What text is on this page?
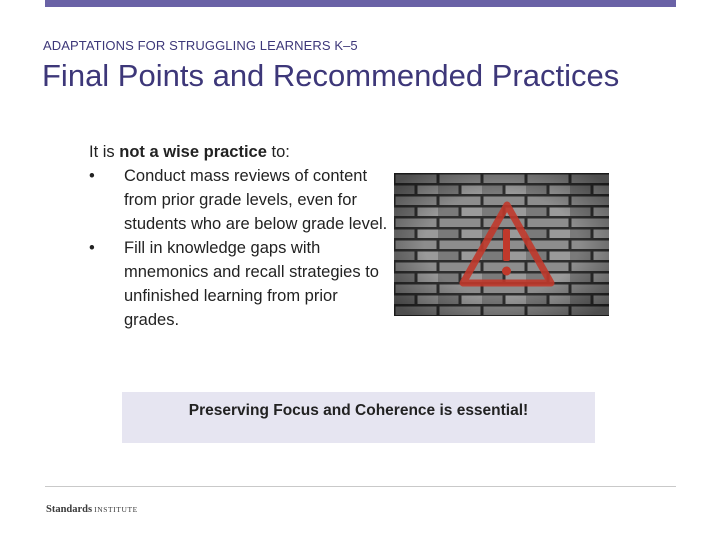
ADAPTATIONS FOR STRUGGLING LEARNERS K–5
Final Points and Recommended Practices
It is not a wise practice to:
• Conduct mass reviews of content from prior grade levels, even for students who are below grade level.
• Fill in knowledge gaps with mnemonics and recall strategies to unfinished learning from prior grades.
Preserving Focus and Coherence is essential!
Standards INSTITUTE
